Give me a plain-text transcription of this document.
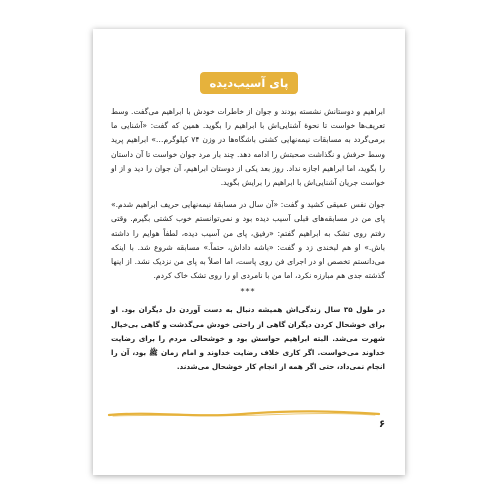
پای آسیب‌دیده

ابراهیم و دوستانش نشسته بودند و جوان از خاطرات خودش با ابراهیم می‌گفت. وسط تعریف‌ها خواست تا نحوهٔ آشنایی‌اش با ابراهیم را بگوید. همین که گفت: «آشنایی ما برمی‌گردد به مسابقات نیمه‌نهایی کشتی باشگاه‌ها در وزن ۷۴ کیلوگرم…» ابراهیم پرید وسط حرفش و نگذاشت صحبتش را ادامه دهد. چند بار مرد جوان خواست تا آن داستان را بگوید، اما ابراهیم اجازه نداد. روز بعد یکی از دوستان ابراهیم، آن جوان را دید و از او خواست جریان آشنایی‌اش با ابراهیم را برایش بگوید.

جوان نفس عمیقی کشید و گفت: «آن سال در مسابقهٔ نیمه‌نهایی حریف ابراهیم شدم.» پای من در مسابقه‌های قبلی آسیب دیده بود و نمی‌توانستم خوب کشتی بگیرم. وقتی رفتم روی تشک به ابراهیم گفتم: «رفیق، پای من آسیب دیده، لطفاً هوایم را داشته باش.» او هم لبخندی زد و گفت: «باشه داداش، حتماً.» مسابقه شروع شد. با اینکه می‌دانستم تخصص او در اجرای فن روی پاست، اما اصلاً به پای من نزدیک نشد. از اینها گذشته جدی هم مبارزه نکرد، اما من با نامردی او را روی تشک خاک کردم.

***

در طول ۳۵ سال زندگی‌اش همیشه دنبال به دست آوردن دل دیگران بود. او برای خوشحال کردن دیگران گاهی از راحتی خودش می‌گذشت و گاهی بی‌خیال شهرت می‌شد. البته ابراهیم حواسش بود و خوشحالی مردم را برای رضایت خداوند می‌خواست. اگر کاری خلاف رضایت خداوند و امام زمان ﷺ بود، آن را انجام نمی‌داد، حتی اگر همه از انجام کار خوشحال می‌شدند.

۶
